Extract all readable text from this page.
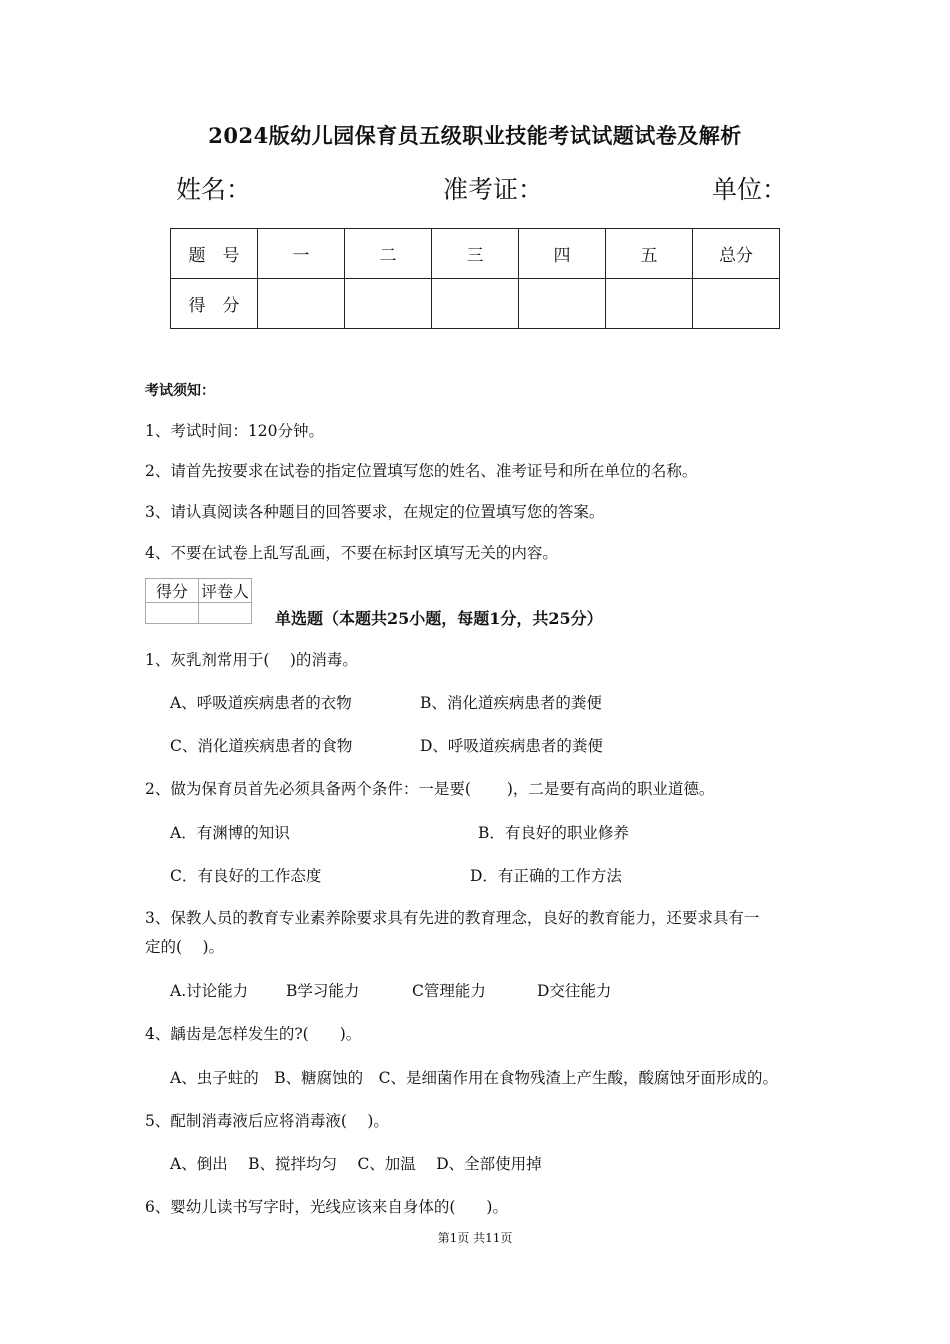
2024版幼儿园保育员五级职业技能考试试题试卷及解析
姓名：	准考证：	单位：
题　号	一	二	三	四	五	总分
得　分						
考试须知：
1、考试时间：120分钟。
2、请首先按要求在试卷的指定位置填写您的姓名、准考证号和所在单位的名称。
3、请认真阅读各种题目的回答要求，在规定的位置填写您的答案。
4、不要在试卷上乱写乱画，不要在标封区填写无关的内容。
得分	评卷人

单选题（本题共25小题，每题1分，共25分）
1、灰乳剂常用于(　 )的消毒。
A、呼吸道疾病患者的衣物	B、消化道疾病患者的粪便
C、消化道疾病患者的食物	D、呼吸道疾病患者的粪便
2、做为保育员首先必须具备两个条件：一是要(　　 )，二是要有高尚的职业道德。
A．有渊博的知识	B．有良好的职业修养
C．有良好的工作态度	D．有正确的工作方法
3、保教人员的教育专业素养除要求具有先进的教育理念，良好的教育能力，还要求具有一
定的(　 )。
A.讨论能力 B学习能力	C管理能力	D交往能力
4、龋齿是怎样发生的?(　　)。
A、虫子蛀的　B、糖腐蚀的　C、是细菌作用在食物残渣上产生酸，酸腐蚀牙面形成的。
5、配制消毒液后应将消毒液(　 )。
A、倒出　 B、搅拌均匀　 C、加温　 D、全部使用掉
6、婴幼儿读书写字时，光线应该来自身体的(　　)。
第1页 共11页
